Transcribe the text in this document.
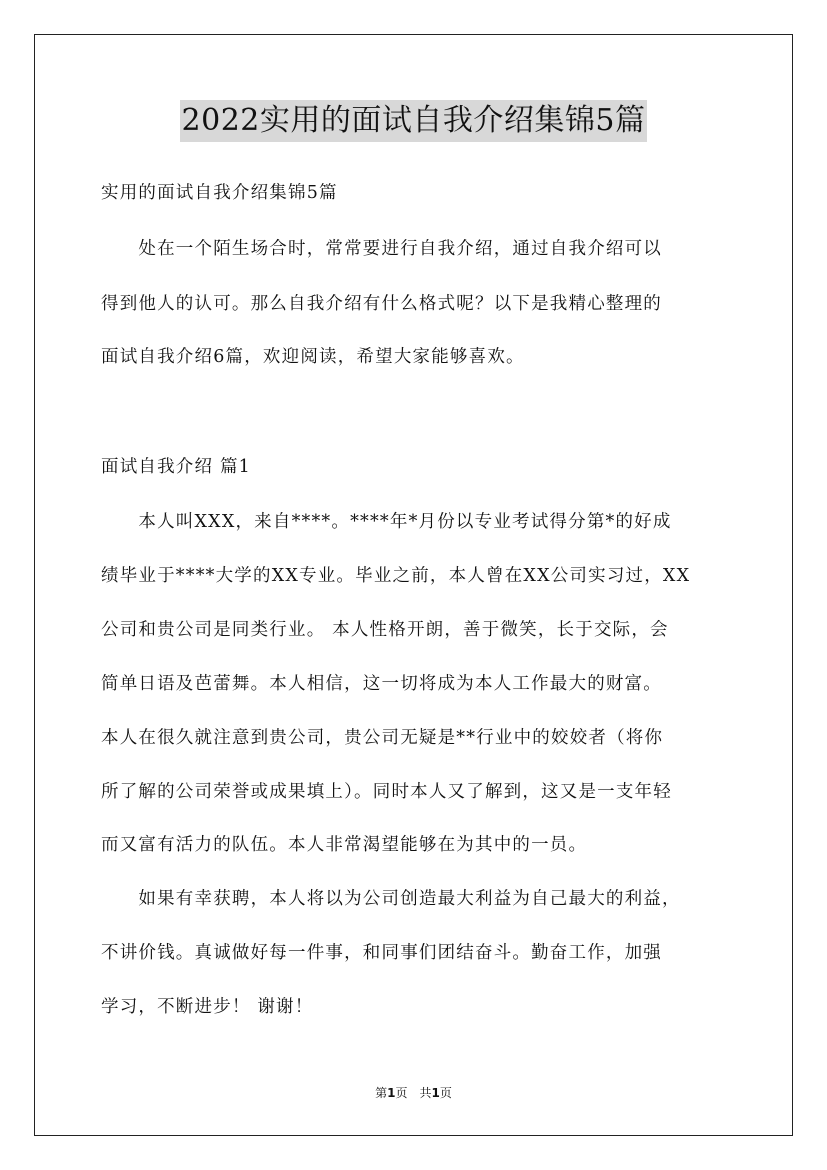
2022实用的面试自我介绍集锦5篇
实用的面试自我介绍集锦5篇
　　处在一个陌生场合时，常常要进行自我介绍，通过自我介绍可以
得到他人的认可。那么自我介绍有什么格式呢？以下是我精心整理的
面试自我介绍6篇，欢迎阅读，希望大家能够喜欢。
面试自我介绍 篇1
　　本人叫XXX，来自****。****年*月份以专业考试得分第*的好成
绩毕业于****大学的XX专业。毕业之前，本人曾在XX公司实习过，XX
公司和贵公司是同类行业。 本人性格开朗，善于微笑，长于交际，会
简单日语及芭蕾舞。本人相信，这一切将成为本人工作最大的财富。
本人在很久就注意到贵公司，贵公司无疑是**行业中的姣姣者（将你
所了解的公司荣誉或成果填上）。同时本人又了解到，这又是一支年轻
而又富有活力的队伍。本人非常渴望能够在为其中的一员。
　　如果有幸获聘，本人将以为公司创造最大利益为自己最大的利益，
不讲价钱。真诚做好每一件事，和同事们团结奋斗。勤奋工作，加强
学习，不断进步！ 谢谢！
第1页　共1页
